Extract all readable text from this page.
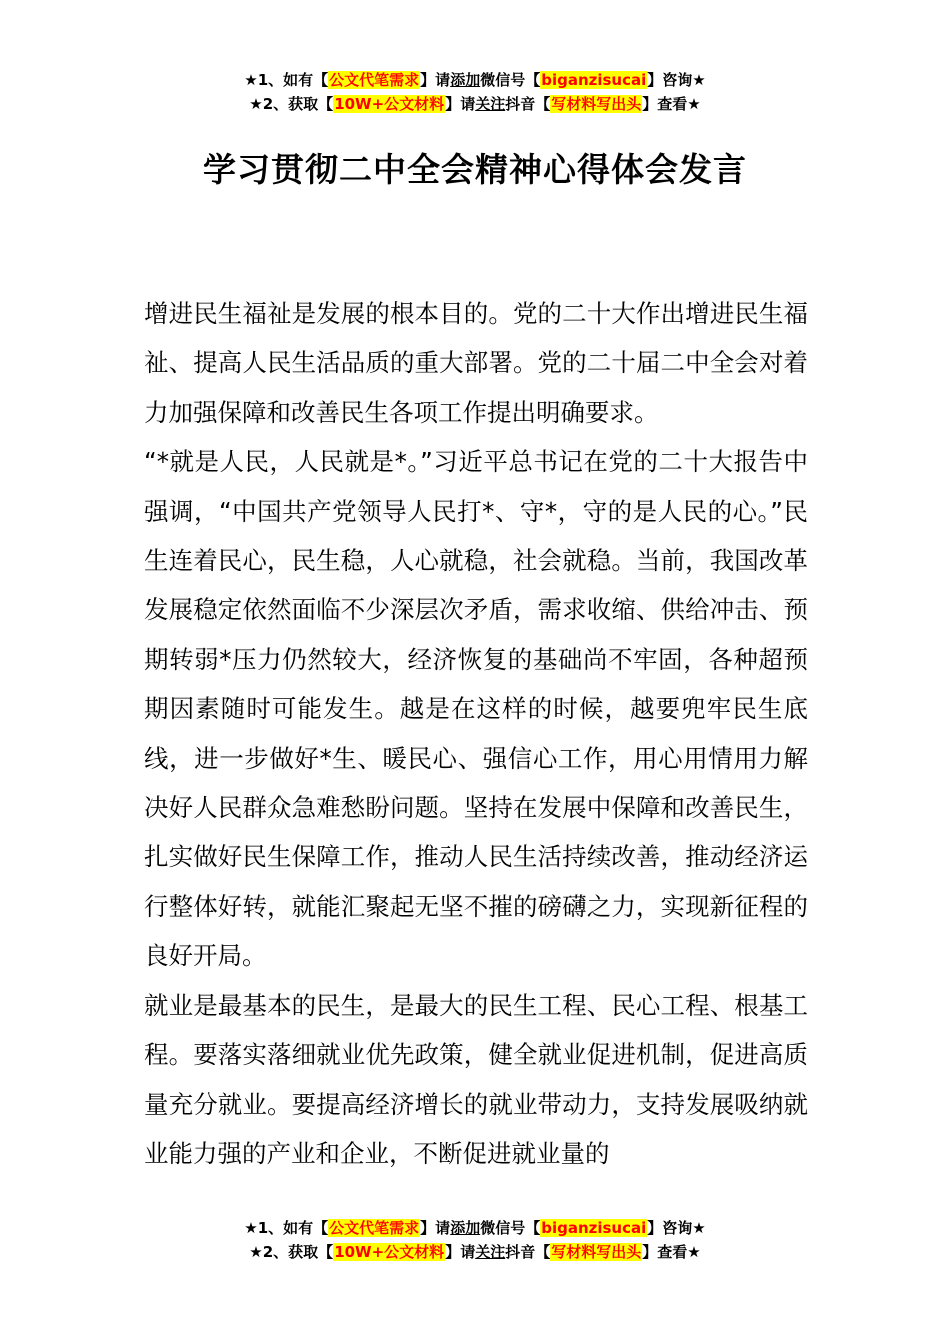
★1、如有【公文代笔需求】请添加微信号【biganzisucai】咨询★
★2、获取【10W+公文材料】请关注抖音【写材料写出头】查看★
学习贯彻二中全会精神心得体会发言

增进民生福祉是发展的根本目的。党的二十大作出增进民生福祉、提高人民生活品质的重大部署。党的二十届二中全会对着力加强保障和改善民生各项工作提出明确要求。

“*就是人民，人民就是*。”习近平总书记在党的二十大报告中强调，“中国共产党领导人民打*、守*，守的是人民的心。”民生连着民心，民生稳，人心就稳，社会就稳。当前，我国改革发展稳定依然面临不少深层次矛盾，需求收缩、供给冲击、预期转弱*压力仍然较大，经济恢复的基础尚不牢固，各种超预期因素随时可能发生。越是在这样的时候，越要兜牢民生底线，进一步做好*生、暖民心、强信心工作，用心用情用力解决好人民群众急难愁盼问题。坚持在发展中保障和改善民生，扎实做好民生保障工作，推动人民生活持续改善，推动经济运行整体好转，就能汇聚起无坚不摧的磅礴之力，实现新征程的良好开局。

就业是最基本的民生，是最大的民生工程、民心工程、根基工程。要落实落细就业优先政策，健全就业促进机制，促进高质量充分就业。要提高经济增长的就业带动力，支持发展吸纳就业能力强的产业和企业，不断促进就业量的

★1、如有【公文代笔需求】请添加微信号【biganzisucai】咨询★
★2、获取【10W+公文材料】请关注抖音【写材料写出头】查看★
